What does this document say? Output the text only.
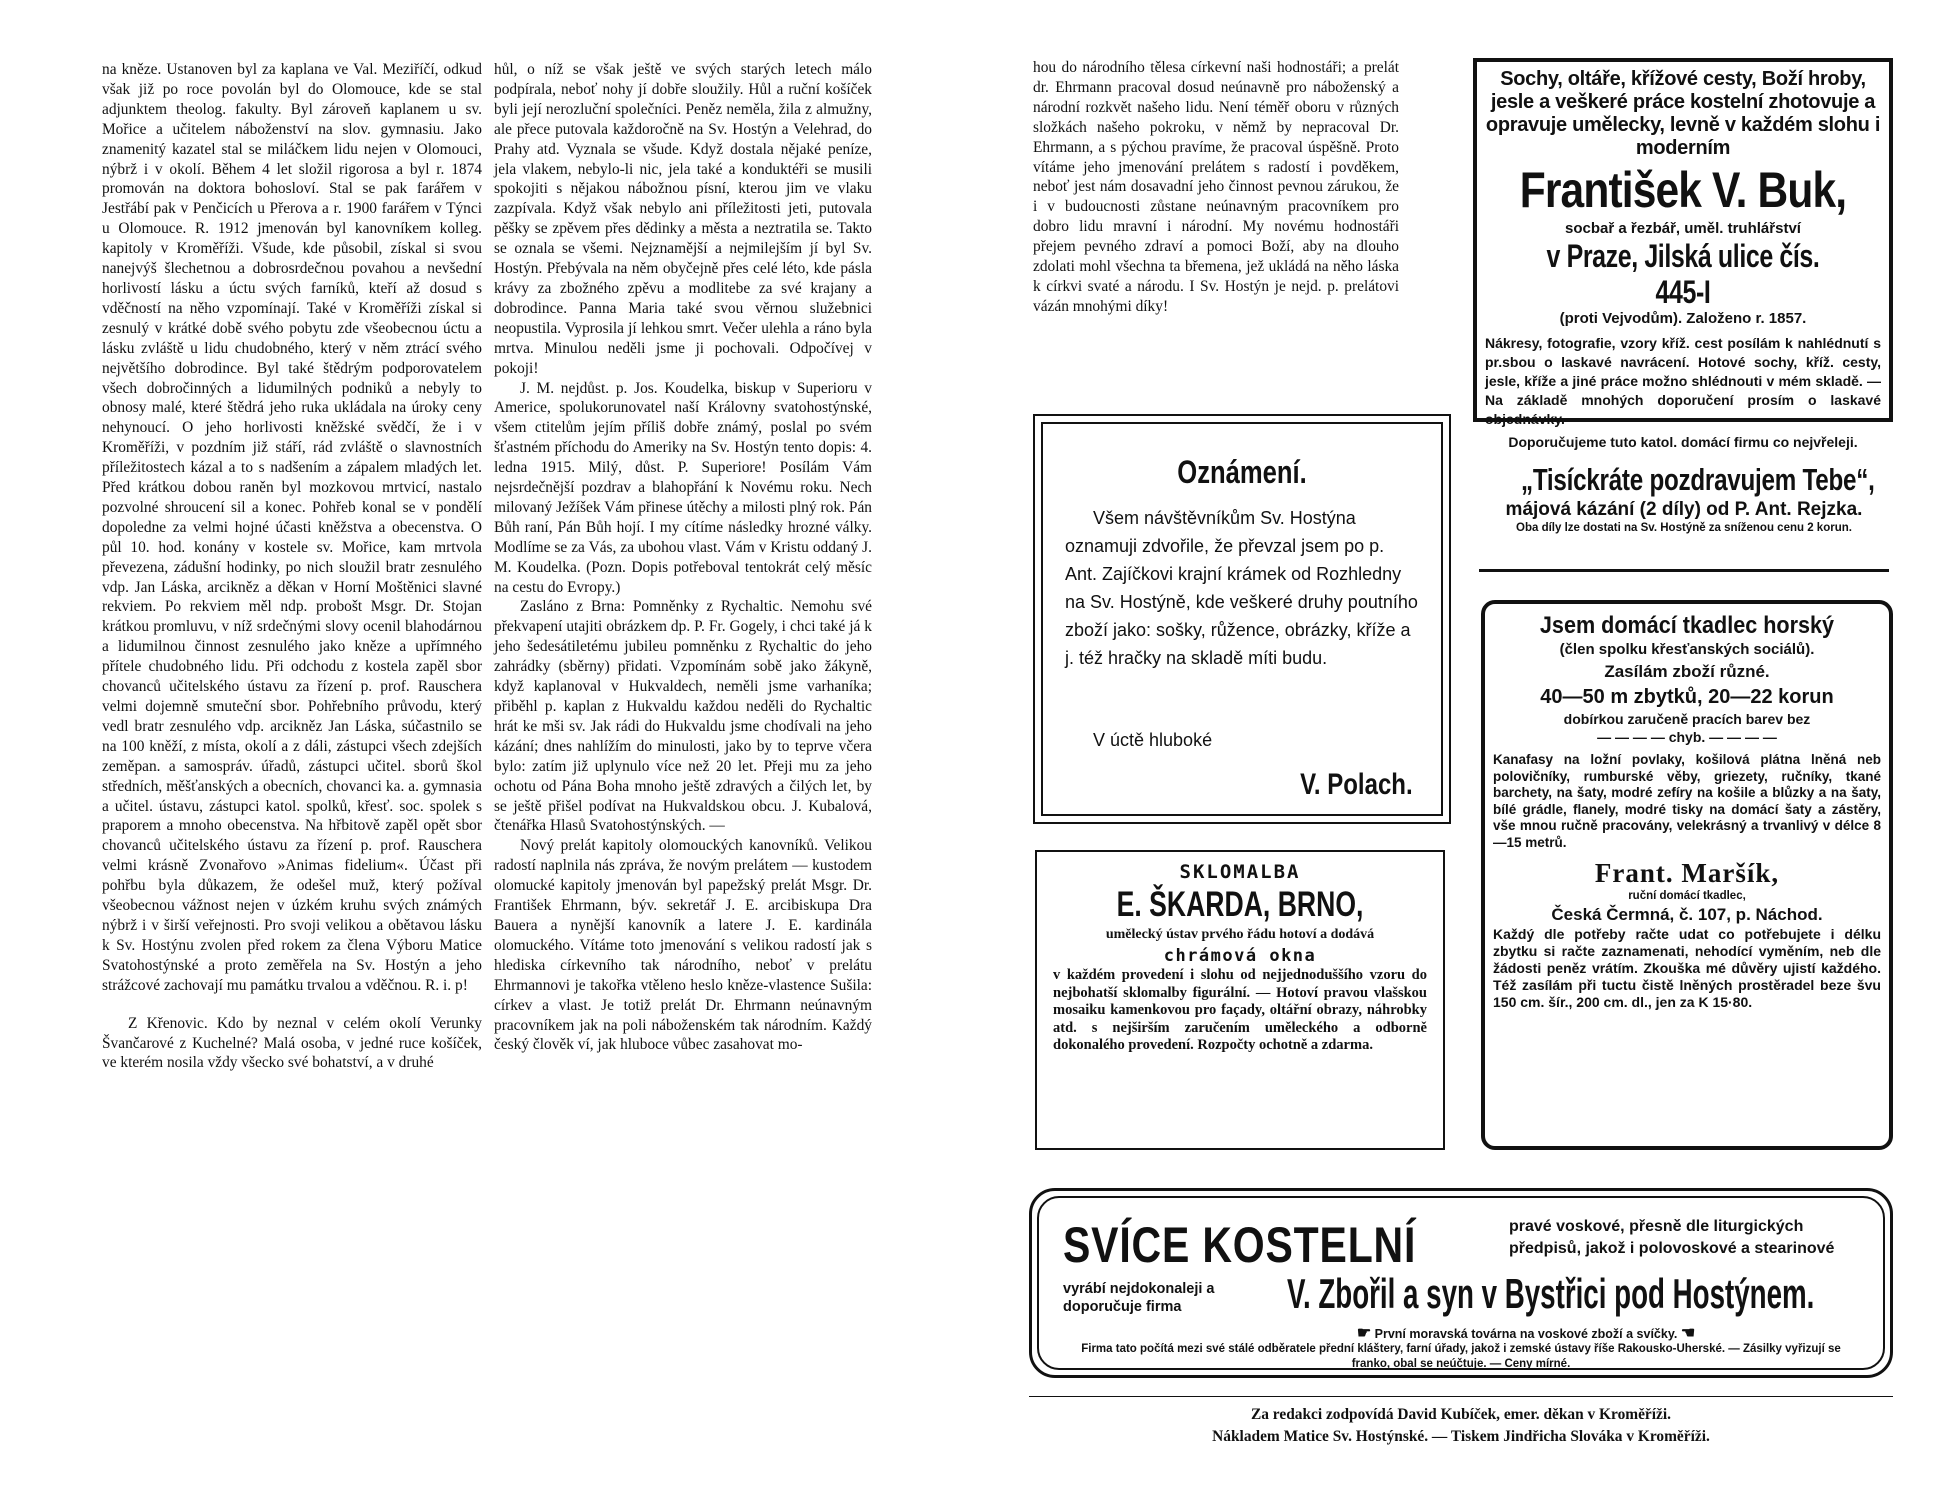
na kněze. Ustanoven byl za kaplana ve Val. Meziříčí, odkud však již po roce povolán byl do Olomouce, kde se stal adjunktem theolog. fakulty. Byl zároveň kaplanem u sv. Mořice a učitelem náboženství na slov. gymnasiu. Jako znamenitý kazatel stal se miláčkem lidu nejen v Olomouci, nýbrž i v okolí. Během 4 let složil rigorosa a byl r. 1874 promován na doktora bohosloví. Stal se pak farářem v Jestřábí pak v Penčicích u Přerova a r. 1900 farářem v Týnci u Olomouce. R. 1912 jmenován byl kanovníkem kolleg. kapitoly v Kroměříži. Všude, kde působil, získal si svou nanejvýš šlechetnou a dobrosrdečnou povahou a nevšední horlivostí lásku a úctu svých farníků, kteří až dosud s vděčností na něho vzpomínají. Také v Kroměříži získal si zesnulý v krátké době svého pobytu zde všeobecnou úctu a lásku zvláště u lidu chudobného, který v něm ztrácí svého největšího dobrodince. Byl také štědrým podporovatelem všech dobročinných a lidumilných podniků a nebyly to obnosy malé, které štědrá jeho ruka ukládala na úroky ceny nehynoucí. O jeho horlivosti kněžské svědčí, že i v Kroměříži, v pozdním již stáří, rád zvláště o slavnostních příležitostech kázal a to s nadšením a zápalem mladých let. Před krátkou dobou raněn byl mozkovou mrtvicí, nastalo pozvolné shroucení sil a konec. Pohřeb konal se v pondělí dopoledne za velmi hojné účasti kněžstva a obecenstva. O půl 10. hod. konány v kostele sv. Mořice, kam mrtvola převezena, zádušní hodinky, po nich sloužil bratr zesnulého vdp. Jan Láska, arcikněz a děkan v Horní Moštěnici slavné rekviem. Po rekviem měl ndp. probošt Msgr. Dr. Stojan krátkou promluvu, v níž srdečnými slovy ocenil blahodárnou a lidumilnou činnost zesnulého jako kněze a upřímného přítele chudobného lidu. Při odchodu z kostela zapěl sbor chovanců učitelského ústavu za řízení p. prof. Rauschera velmi dojemně smuteční sbor. Pohřebního průvodu, který vedl bratr zesnulého vdp. arcikněz Jan Láska, súčastnilo se na 100 kněží, z místa, okolí a z dáli, zástupci všech zdejších zeměpan. a samospráv. úřadů, zástupci učitel. sborů škol středních, měšťanských a obecních, chovanci ka. a. gymnasia a učitel. ústavu, zástupci katol. spolků, křesť. soc. spolek s praporem a mnoho obecenstva. Na hřbitově zapěl opět sbor chovanců učitelského ústavu za řízení p. prof. Rauschera velmi krásně Zvonařovo »Animas fidelium«. Účast při pohřbu byla důkazem, že odešel muž, který požíval všeobecnou vážnost nejen v úzkém kruhu svých známých nýbrž i v širší veřejnosti. Pro svoji velikou a obětavou lásku k Sv. Hostýnu zvolen před rokem za člena Výboru Matice Svatohostýnské a proto zeměřela na Sv. Hostýn a jeho strážcové zachovají mu památku trvalou a vděčnou. R. i. p!

Z Křenovic. Kdo by neznal v celém okolí Verunky Švančarové z Kuchelné? Malá osoba, v jedné ruce košíček, ve kterém nosila vždy všecko své bohatství, a v druhé

hůl, o níž se však ještě ve svých starých letech málo podpírala, neboť nohy jí dobře sloužily. Hůl a ruční košíček byli její nerozluční společníci. Peněz neměla, žila z almužny, ale přece putovala každoročně na Sv. Hostýn a Velehrad, do Prahy atd. Vyznala se všude. Když dostala nějaké peníze, jela vlakem, nebylo-li nic, jela také a konduktéři se musili spokojiti s nějakou nábožnou písní, kterou jim ve vlaku zazpívala. Když však nebylo ani příležitosti jeti, putovala pěšky se zpěvem přes dědinky a města a neztratila se. Takto se oznala se všemi. Nejznamější a nejmilejším jí byl Sv. Hostýn. Přebývala na něm obyčejně přes celé léto, kde pásla krávy za zbožného zpěvu a modlitebe za své krajany a dobrodince. Panna Maria také svou věrnou služebnici neopustila. Vyprosila jí lehkou smrt. Večer ulehla a ráno byla mrtva. Minulou neděli jsme ji pochovali. Odpočívej v pokoji!

J. M. nejdůst. p. Jos. Koudelka, biskup v Superioru v Americe, spolukorunovatel naší Královny svatohostýnské, všem ctitelům jejím příliš dobře známý, poslal po svém šťastném příchodu do Ameriky na Sv. Hostýn tento dopis: 4. ledna 1915. Milý, důst. P. Superiore! Posílám Vám nejsrdečnější pozdrav a blahopřání k Novému roku. Nech milovaný Ježíšek Vám přinese útěchy a milosti plný rok. Pán Bůh raní, Pán Bůh hojí. I my cítíme následky hrozné války. Modlíme se za Vás, za ubohou vlast. Vám v Kristu oddaný J. M. Koudelka. (Pozn. Dopis potřeboval tentokrát celý měsíc na cestu do Evropy.)

Zasláno z Brna: Pomněnky z Rychaltic. Nemohu své překvapení utajiti obrázkem dp. P. Fr. Gogely, i chci také já k jeho šedesátiletému jubileu pomněnku z Rychaltic do jeho zahrádky (sběrny) přidati. Vzpomínám sobě jako žákyně, když kaplanoval v Hukvaldech, neměli jsme varhaníka; přiběhl p. kaplan z Hukvaldu každou neděli do Rychaltic hrát ke mši sv. Jak rádi do Hukvaldu jsme chodívali na jeho kázání; dnes nahlížím do minulosti, jako by to teprve včera bylo: zatím již uplynulo více než 20 let. Přeji mu za jeho ochotu od Pána Boha mnoho ještě zdravých a čilých let, by se ještě přišel podívat na Hukvaldskou obcu. J. Kubalová, čtenářka Hlasů Svatohostýnských. —

Nový prelát kapitoly olomouckých kanovníků. Velikou radostí naplnila nás zpráva, že novým prelátem — kustodem olomucké kapitoly jmenován byl papežský prelát Msgr. Dr. František Ehrmann, býv. sekretář J. E. arcibiskupa Dra Bauera a nynější kanovník a latere J. E. kardinála olomuckého. Vítáme toto jmenování s velikou radostí jak s hlediska církevního tak národního, neboť v prelátu Ehrmannovi je takořka vtěleno heslo kněze-vlastence Sušila: církev a vlast. Je totiž prelát Dr. Ehrmann neúnavným pracovníkem jak na poli náboženském tak národním. Každý český člověk ví, jak hluboce vůbec zasahovat mo-

hou do národního tělesa církevní naši hodnostáři; a prelát dr. Ehrmann pracoval dosud neúnavně pro náboženský a národní rozkvět našeho lidu. Není téměř oboru v různých složkách našeho pokroku, v němž by nepracoval Dr. Ehrmann, a s pýchou pravíme, že pracoval úspěšně. Proto vítáme jeho jmenování prelátem s radostí i povděkem, neboť jest nám dosavadní jeho činnost pevnou zárukou, že i v budoucnosti zůstane neúnavným pracovníkem pro dobro lidu mravní i národní. My novému hodnostáři přejem pevného zdraví a pomoci Boží, aby na dlouho zdolati mohl všechna ta břemena, jež ukládá na něho láska k církvi svaté a národu. I Sv. Hostýn je nejd. p. prelátovi vázán mnohými díky!

Sochy, oltáře, křížové cesty, Boží hroby, jesle a veškeré práce kostelní zhotovuje a opravuje umělecky, levně v každém slohu i moderním
František V. Buk,
socbař a řezbář, uměl. truhlářství
v Praze, Jilská ulice čís. 445-I
(proti Vejvodům). Založeno r. 1857.
Nákresy, fotografie, vzory kříž. cest posílám k nahlédnutí s pr.sbou o laskavé navrácení. Hotové sochy, kříž. cesty, jesle, kříže a jiné práce možno shlédnouti v mém skladě. — Na základě mnohých doporučení prosím o laskavé objednávky.
Doporučujeme tuto katol. domácí firmu co nejvřeleji.
Oznámení.

Všem návštěvníkům Sv. Hostýna oznamuji zdvořile, že převzal jsem po p. Ant. Zajíčkovi krajní krámek od Rozhledny na Sv. Hostýně, kde veškeré druhy poutního zboží jako: sošky, růžence, obrázky, kříže a j. též hračky na skladě míti budu.

V úctě hluboké
V. Polach.
„Tisíckráte pozdravujem Tebe“,
májová kázání (2 díly) od P. Ant. Rejzka.
Oba díly lze dostati na Sv. Hostýně za sníženou cenu 2 korun.
Jsem domácí tkadlec horský
(člen spolku křesťanských sociálů).
Zasílám zboží různé.
40—50 m zbytků, 20—22 korun
dobírkou zaručeně pracích barev bez
— — — — chyb. — — — —
Kanafasy na ložní povlaky, košilová plátna lněná neb polovičníky, rumburské věby, griezety, ručníky, tkané barchety, na šaty, modré zefíry na košile a blůzky a na šaty, bílé grádle, flanely, modré tisky na domácí šaty a zástěry, vše mnou ručně pracovány, velekrásný a trvanlivý v délce 8—15 metrů.
Frant. Maršík,
ruční domácí tkadlec,
Česká Čermná, č. 107, p. Náchod.
Každý dle potřeby račte udat co potřebujete i délku zbytku si račte zaznamenati, nehodící vyměním, neb dle žádosti peněz vrátím. Zkouška mé důvěry ujistí každého. Též zasílám při tuctu čistě lněných prostěradel beze švu 150 cm. šír., 200 cm. dl., jen za K 15·80.
SKLOMALBA
E. ŠKARDA, BRNO,
umělecký ústav prvého řádu hotoví a dodává
chrámová okna
v každém provedení i slohu od nejjednoduššího vzoru do nejbohatší sklomalby figurální. — Hotoví pravou vlašskou mosaiku kamenkovou pro façady, oltářní obrazy, náhrobky atd. s nejširším zaručením uměleckého a odborně dokonalého provedení. Rozpočty ochotně a zdarma.
SVÍCE KOSTELNÍ	pravé voskové, přesně dle liturgických předpisů, jakož i polovoskové a stearinové
vyrábí nejdokonaleji a doporučuje firma	V. Zbořil a syn v Bystřici pod Hostýnem.
☛ První moravská továrna na voskové zboží a svíčky. ☚
Firma tato počítá mezi své stálé odběratele přední kláštery, farní úřady, jakož i zemské ústavy říše Rakousko-Uherské. — Zásilky vyřizují se franko, obal se neúčtuje. — Ceny mírné.
Za redakci zodpovídá David Kubíček, emer. děkan v Kroměříži.
Nákladem Matice Sv. Hostýnské. — Tiskem Jindřicha Slováka v Kroměříži.
